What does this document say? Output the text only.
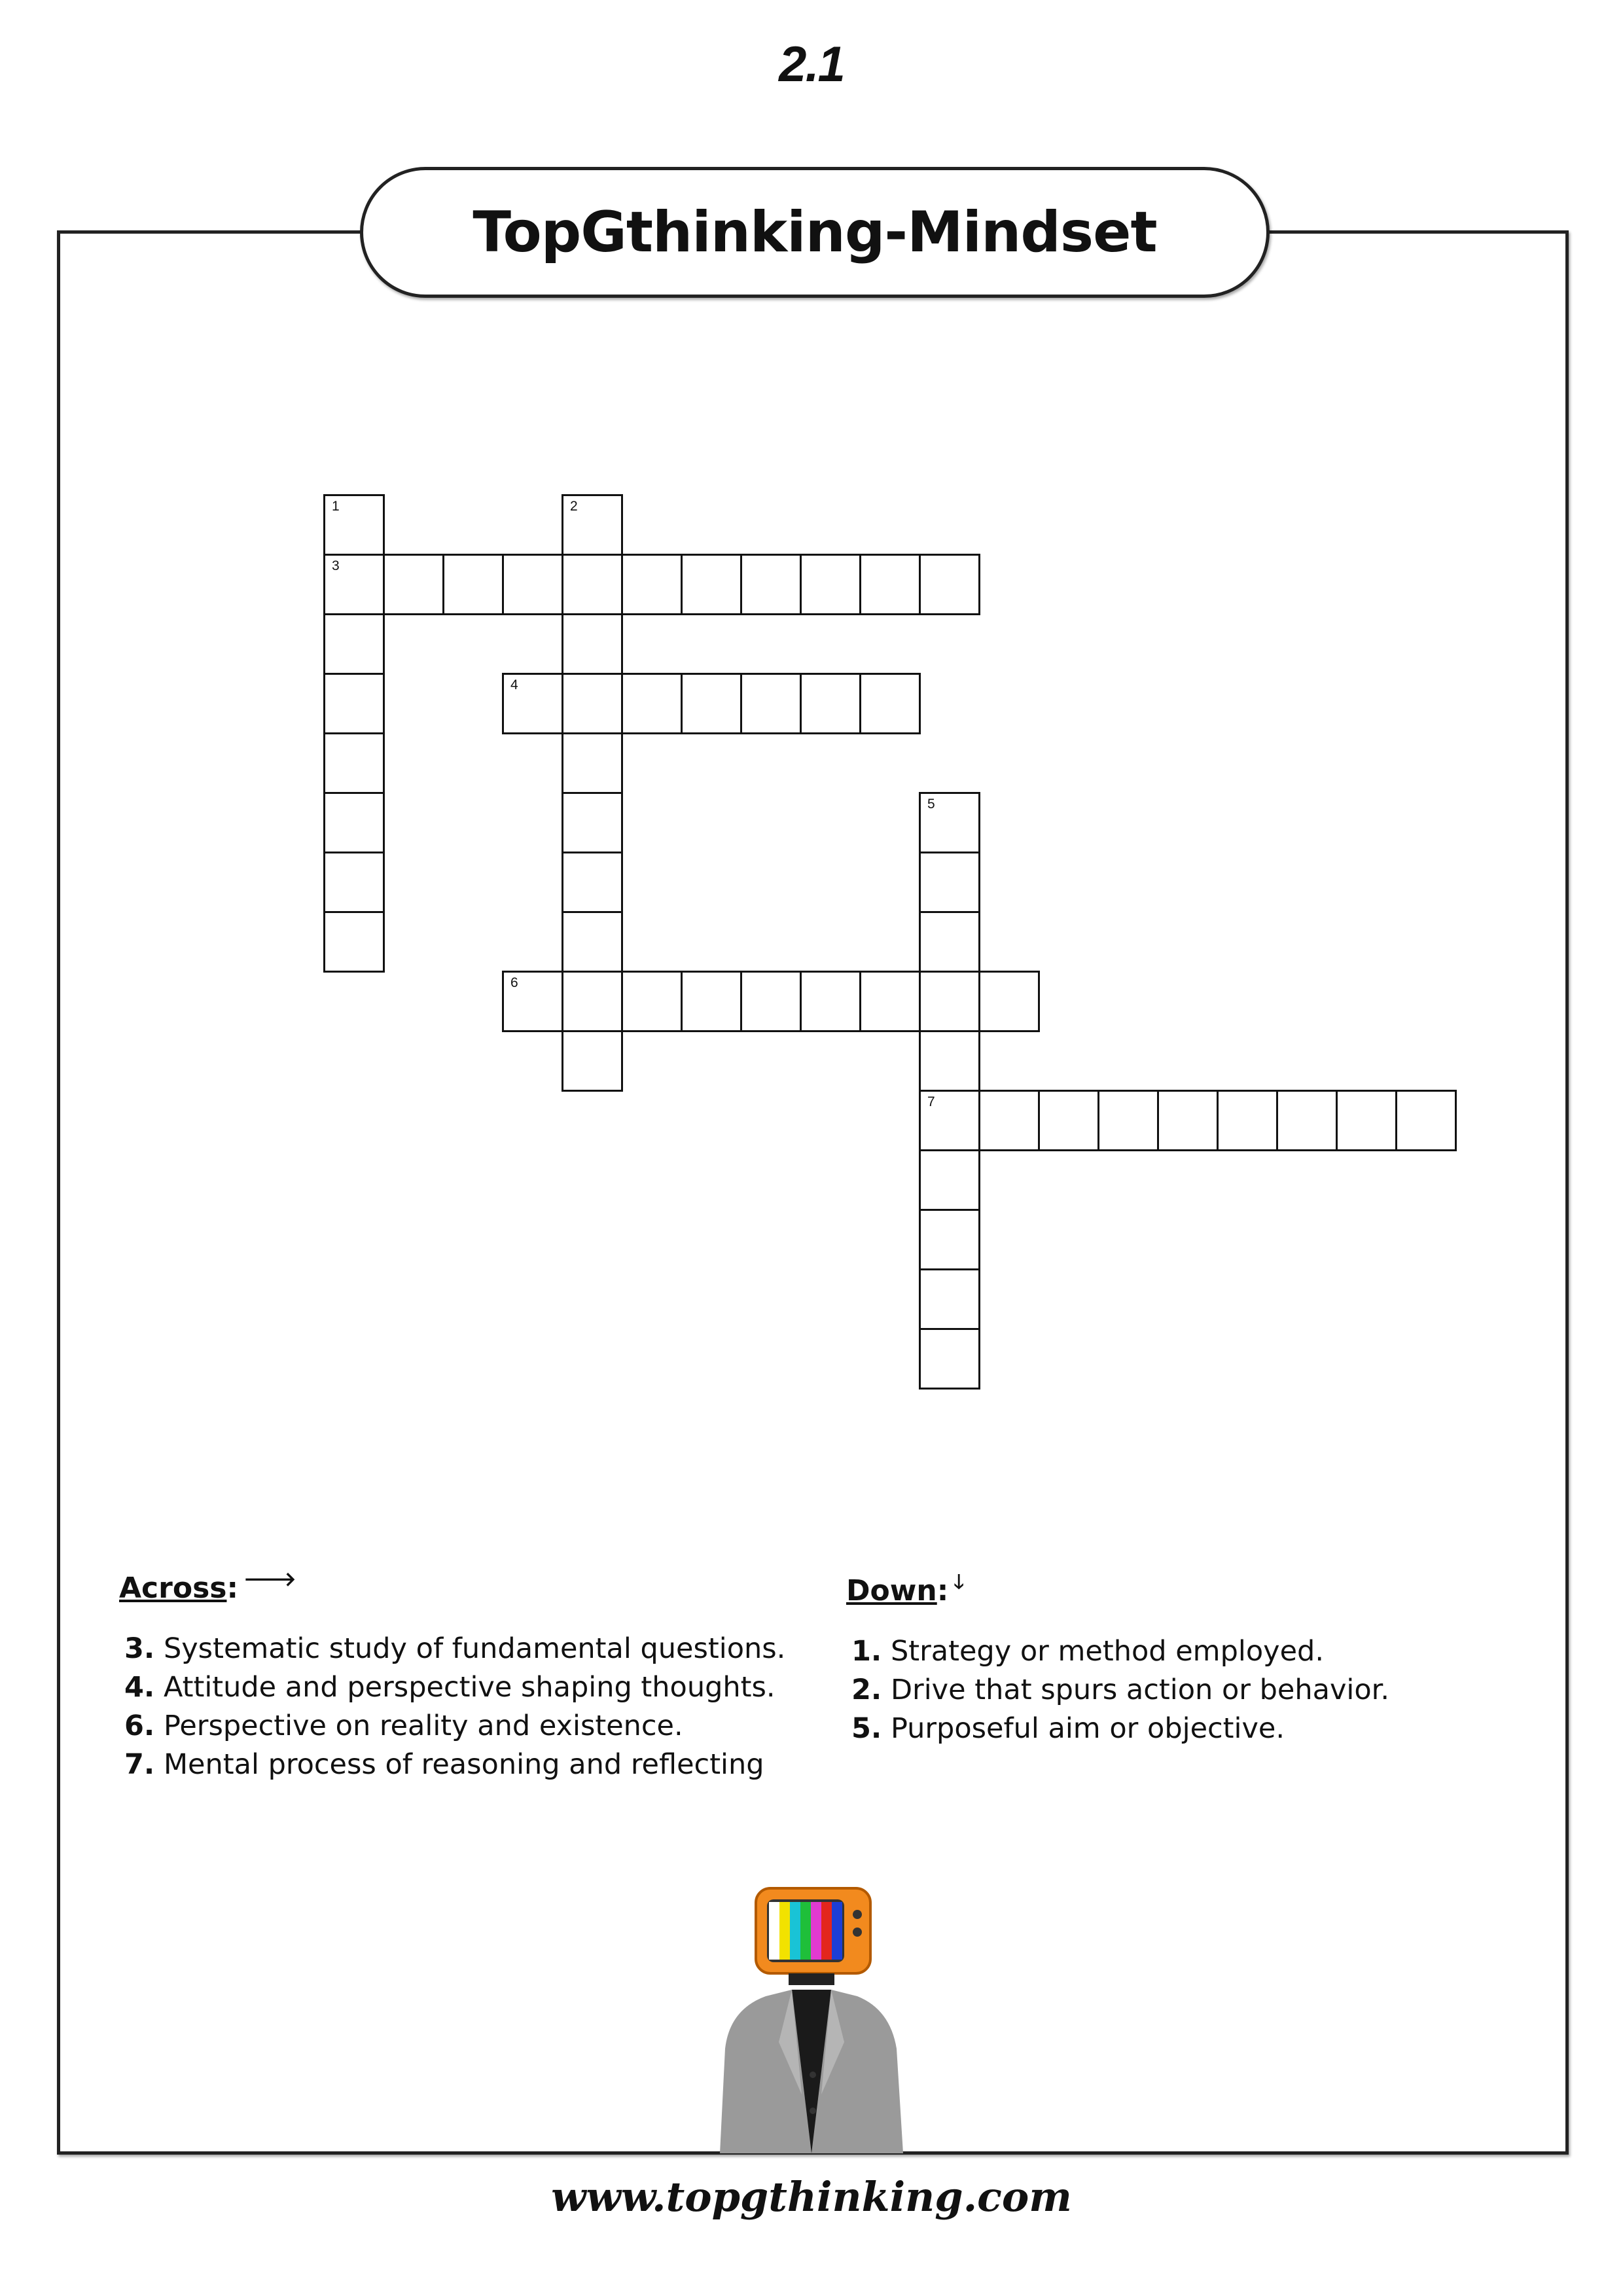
2.1
TopGthinking-Mindset
1
3
2
4
5
7
6
Across: 🡒
3. Systematic study of fundamental questions.
4. Attitude and perspective shaping thoughts.
6. Perspective on reality and existence.
7. Mental process of reasoning and reflecting
Down: 🡓
1. Strategy or method employed.
2. Drive that spurs action or behavior.
5. Purposeful aim or objective.
www.topgthinking.com
